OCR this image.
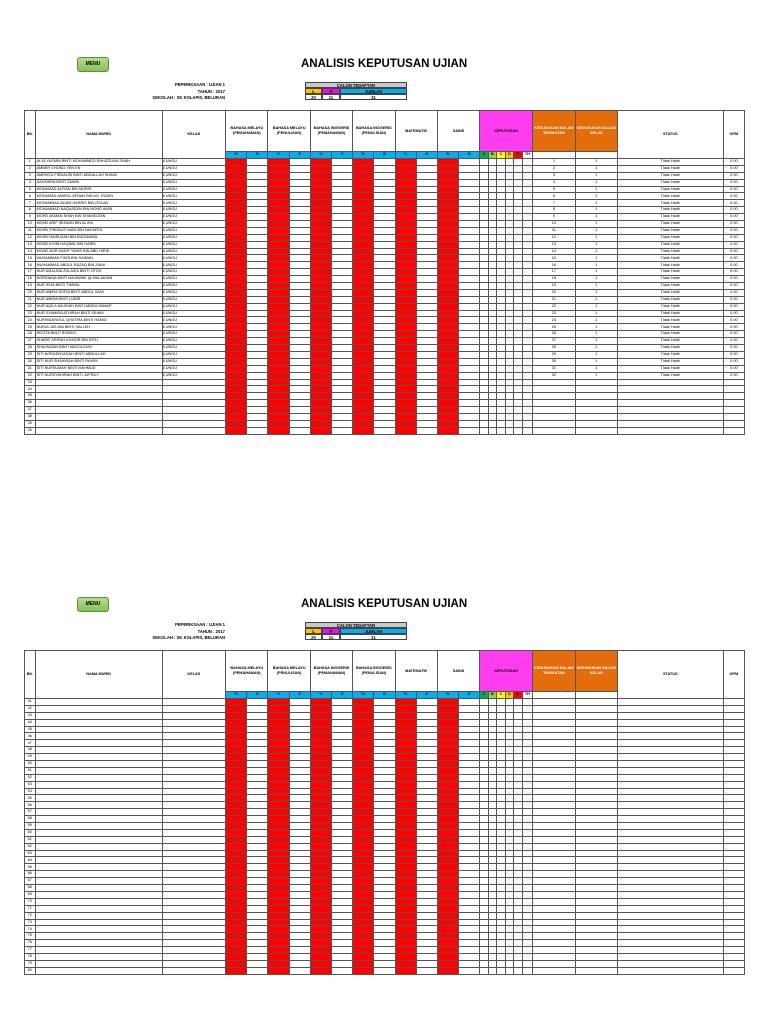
MENU	ANALISIS KEPUTUSAN UJIAN
PEPERIKSAAN : UJIAN 1
TAHUN : 2017
SEKOLAH : SK KOLAPIS, BELURAN
CALON TEDAFTAR
L	P	JUMLAH
20	11	31
BIL	NAMA MURID	KELAS	BAHASA MELAYU (PEMAHAMAN)		BAHASA MELAYU (PENULISAN)		BAHASA INGGERIS (PEMAHAMAN)		BAHASA INGGERIS (PENULISAN)		MATEMATIK		SAINS		KEPUTUSAN						KEDUDUKAN DALAM TINGKATAN	KEDUDUKAN DALAM KELAS	STATUS	GPM
			%	G	%	G	%	G	%	G	%	G	%	G	A	B	C	D	E	TH				
1	ALYA YASMIN BINTI MOHAMMED RAHIZZUAN SHAH	6 UNGU																			1	1	Tidak Hadir	0.00
2	AMBER CHONG YEN EN	6 UNGU																			2	1	Tidak Hadir	0.00
3	AMIRATU FIRDAUSI BINTI ABDULLAH SHAMI	6 UNGU																			3	1	Tidak Hadir	0.00
4	AZASHIRA BINTI ZAWIN	6 UNGU																			4	1	Tidak Hadir	0.00
5	MOHAMAD ALFIAN BIN MORIS	6 UNGU																			5	1	Tidak Hadir	0.00
6	MOHAMAD AMIRUL AFNAN BIN AG. RUDIN	6 UNGU																			6	1	Tidak Hadir	0.00
7	MOHAMMAD ADAM HARRIS BIN OSLAN	6 UNGU																			7	1	Tidak Hadir	0.00
8	MOHAMMAD NAQIUDDIN BIN MOHD AMIN	6 UNGU																			8	1	Tidak Hadir	0.00
9	MOHD AKMAN SHAH BIN SHAMSUDIN	6 UNGU																			9	1	Tidak Hadir	0.00
10	MOHD ARIF ISHWAN BIN ALIHIL	6 UNGU																			10	1	Tidak Hadir	0.00
11	MOHD FIRDAUS NAIM BIN NASUROL	6 UNGU																			11	1	Tidak Hadir	0.00
12	MOHD HAIRUZAN BIN BUDIAWAN	6 UNGU																			12	1	Tidak Hadir	0.00
13	MOHD IKHIN HAQIMIL BIN HAIRIL	6 UNGU																			13	1	Tidak Hadir	0.00
14	MOHD NUR HADIF YAHIE BIN ABD HIRIK	6 UNGU																			14	1	Tidak Hadir	0.00
15	MUHAMMAD FIKRI BIN SAIMAN	6 UNGU																			15	1	Tidak Hadir	0.00
16	MUHAMMAD ABDUL RAZAQ BIN ZAINI	6 UNGU																			16	1	Tidak Hadir	0.00
17	NUR AMALINA ZULAIKA BINTI OTOH	6 UNGU																			17	1	Tidak Hadir	0.00
18	NORDIANA BINTI MAJAWAK @ MALAKIAM	6 UNGU																			18	1	Tidak Hadir	0.00
19	NUR IKHA BINTI TIMHAL	6 UNGU																			19	1	Tidak Hadir	0.00
20	NUR AMIRA SOFIA BINTI ABDUL SANI	6 UNGU																			20	1	Tidak Hadir	0.00
21	NUR AMIRA BINTI LUBIR	6 UNGU																			21	1	Tidak Hadir	0.00
22	NUR AQILA NAJIHAH BINTI ABDULSAMAP	6 UNGU																			22	1	Tidak Hadir	0.00
23	NUR SYAMIRA ATHIRAH BINTI ISHAM	6 UNGU																			23	1	Tidak Hadir	0.00
24	NURHIDAYATUL QHATIRA BINTI HAMID	6 UNGU																			24	1	Tidak Hadir	0.00
25	NURUL AELINA BINTI SALLEH	6 UNGU																			25	1	Tidak Hadir	0.00
26	REVITA BINTI ROMEO	6 UNGU																			26	1	Tidak Hadir	0.00
27	SHARIF ARIFAH KHADIR BIN KIPLI	6 UNGU																			27	1	Tidak Hadir	0.00
28	SHAZNIZAN BINTI MAZOLDUM	6 UNGU																			28	1	Tidak Hadir	0.00
29	SITI NORADNYADAH BINTI ABDULLAH	6 UNGU																			29	1	Tidak Hadir	0.00
30	SITI NUR SHAHIRAH BINTI RAHIM	6 UNGU																			30	1	Tidak Hadir	0.00
31	SITI NURSUMAH BINTI MAHMUD	6 UNGU																			31	1	Tidak Hadir	0.00
32	SITI NURSYAHIRAH BINTI JUFRILY	6 UNGU																			32	1	Tidak Hadir	0.00
33																								
34																								
35																								
36																								
37																								
38																								
39																								
40																								
MENU	ANALISIS KEPUTUSAN UJIAN
PEPERIKSAAN : UJIAN 1
TAHUN : 2017
SEKOLAH : SK KOLAPIS, BELURAN
CALON TEDAFTAR
L	P	JUMLAH
20	11	31
BIL	NAMA MURID	KELAS	BAHASA MELAYU (PEMAHAMAN)		BAHASA MELAYU (PENULISAN)		BAHASA INGGERIS (PEMAHAMAN)		BAHASA INGGERIS (PENULISAN)		MATEMATIK		SAINS		KEPUTUSAN						KEDUDUKAN DALAM TINGKATAN	KEDUDUKAN DALAM KELAS	STATUS	GPM
			%	G	%	G	%	G	%	G	%	G	%	G	A	B	C	D	E	TH				
41																								
42																								
43																								
44																								
45																								
46																								
47																								
48																								
49																								
50																								
51																								
52																								
53																								
54																								
55																								
56																								
57																								
58																								
59																								
60																								
61																								
62																								
63																								
64																								
65																								
66																								
67																								
68																								
69																								
70																								
71																								
72																								
73																								
74																								
75																								
76																								
77																								
78																								
79																								
80																								
